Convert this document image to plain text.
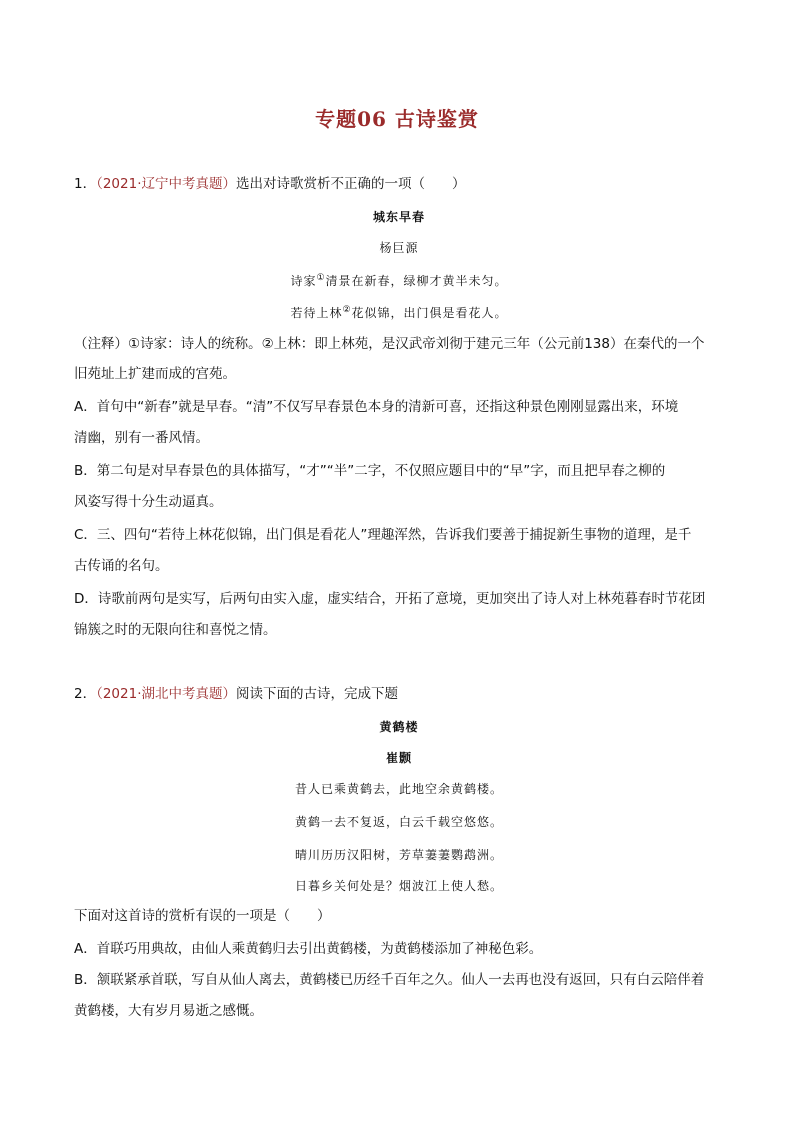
专题06 古诗鉴赏
1．（2021·辽宁中考真题）选出对诗歌赏析不正确的一项（　　）
城东早春
杨巨源
诗家①清景在新春，绿柳才黄半未匀。
若待上林②花似锦，出门俱是看花人。
（注释）①诗家：诗人的统称。②上林：即上林苑，是汉武帝刘彻于建元三年（公元前138）在秦代的一个
旧苑址上扩建而成的宫苑。
A．首句中“新春”就是早春。“清”不仅写早春景色本身的清新可喜，还指这种景色刚刚显露出来，环境
清幽，别有一番风情。
B．第二句是对早春景色的具体描写，“才”“半”二字，不仅照应题目中的“早”字，而且把早春之柳的
风姿写得十分生动逼真。
C．三、四句“若待上林花似锦，出门俱是看花人”理趣浑然，告诉我们要善于捕捉新生事物的道理，是千
古传诵的名句。
D．诗歌前两句是实写，后两句由实入虚，虚实结合，开拓了意境，更加突出了诗人对上林苑暮春时节花团
锦簇之时的无限向往和喜悦之情。
2．（2021·湖北中考真题）阅读下面的古诗，完成下题
黄鹤楼
崔颢
昔人已乘黄鹤去，此地空余黄鹤楼。
黄鹤一去不复返，白云千载空悠悠。
晴川历历汉阳树，芳草萋萋鹦鹉洲。
日暮乡关何处是？烟波江上使人愁。
下面对这首诗的赏析有误的一项是（　　）
A．首联巧用典故，由仙人乘黄鹤归去引出黄鹤楼，为黄鹤楼添加了神秘色彩。
B．颔联紧承首联，写自从仙人离去，黄鹤楼已历经千百年之久。仙人一去再也没有返回，只有白云陪伴着
黄鹤楼，大有岁月易逝之感慨。
